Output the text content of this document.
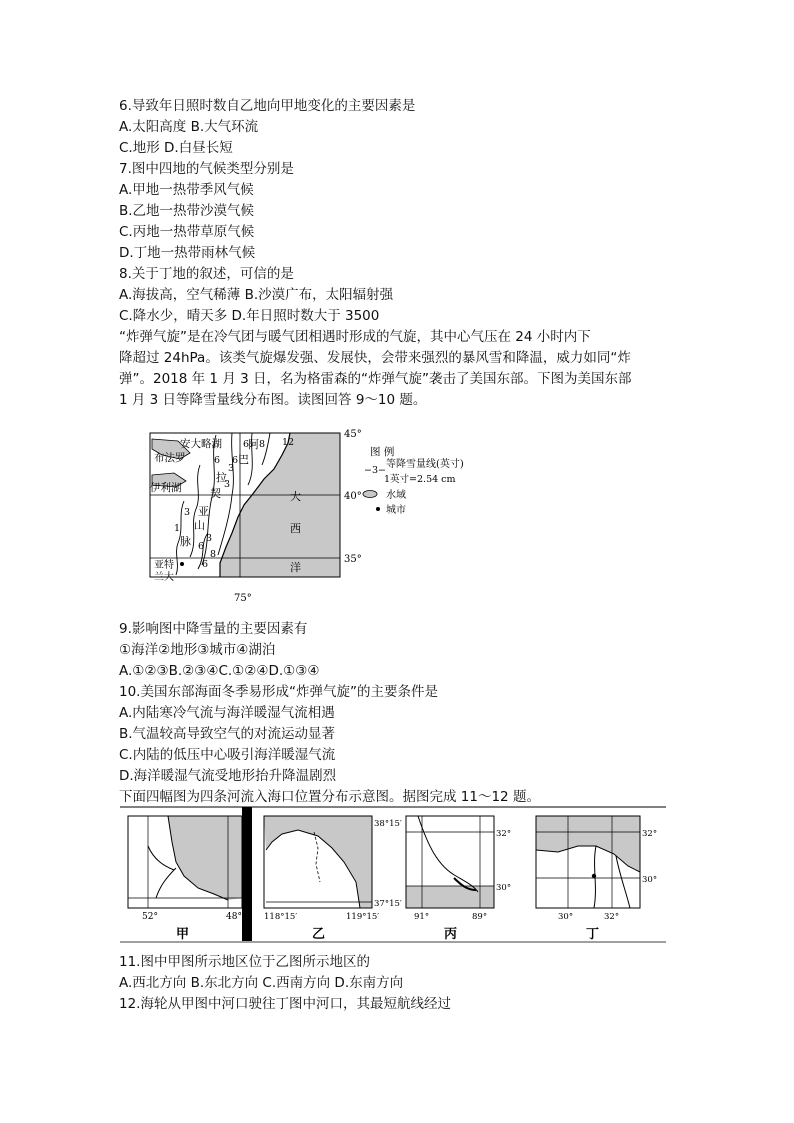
6.导致年日照时数自乙地向甲地变化的主要因素是
A.太阳高度 B.大气环流
C.地形 D.白昼长短
7.图中四地的气候类型分别是
A.甲地一热带季风气候
B.乙地一热带沙漠气候
C.丙地一热带草原气候
D.丁地一热带雨林气候
8.关于丁地的叙述，可信的是
A.海拔高，空气稀薄 B.沙漠广布，太阳辐射强
C.降水少，晴天多 D.年日照时数大于 3500
“炸弹气旋”是在冷气团与暖气团相遇时形成的气旋，其中心气压在 24 小时内下
降超过 24hPa。该类气旋爆发强、发展快，会带来强烈的暴风雪和降温，威力如同“炸
弹”。2018 年 1 月 3 日，名为格雷森的“炸弹气旋”袭击了美国东部。下图为美国东部
1 月 3 日等降雪量线分布图。读图回答 9～10 题。
45°
40°
35°
75°
安大略湖
布法罗
伊利湖
阿
巴
拉
契
亚
山
脉
亚特
兰大
大
西
洋
6 8 12
6
3
6
3
3
1
3
6
8
6
图 例
−3−
等降雪量线(英寸)
1英寸=2.54 cm
水域
城市
9.影响图中降雪量的主要因素有
①海洋②地形③城市④湖泊
A.①②③B.②③④C.①②④D.①③④
10.美国东部海面冬季易形成“炸弹气旋”的主要条件是
A.内陆寒冷气流与海洋暖湿气流相遇
B.气温较高导致空气的对流运动显著
C.内陆的低压中心吸引海洋暖湿气流
D.海洋暖湿气流受地形抬升降温剧烈
下面四幅图为四条河流入海口位置分布示意图。据图完成 11～12 题。
52°	48°
甲
38°15′
37°15′
118°15′	119°15′
乙
32°
30°
91°	89°
丙
32°
30°
30°	32°
丁
11.图中甲图所示地区位于乙图所示地区的
A.西北方向 B.东北方向 C.西南方向 D.东南方向
12.海轮从甲图中河口驶往丁图中河口，其最短航线经过
